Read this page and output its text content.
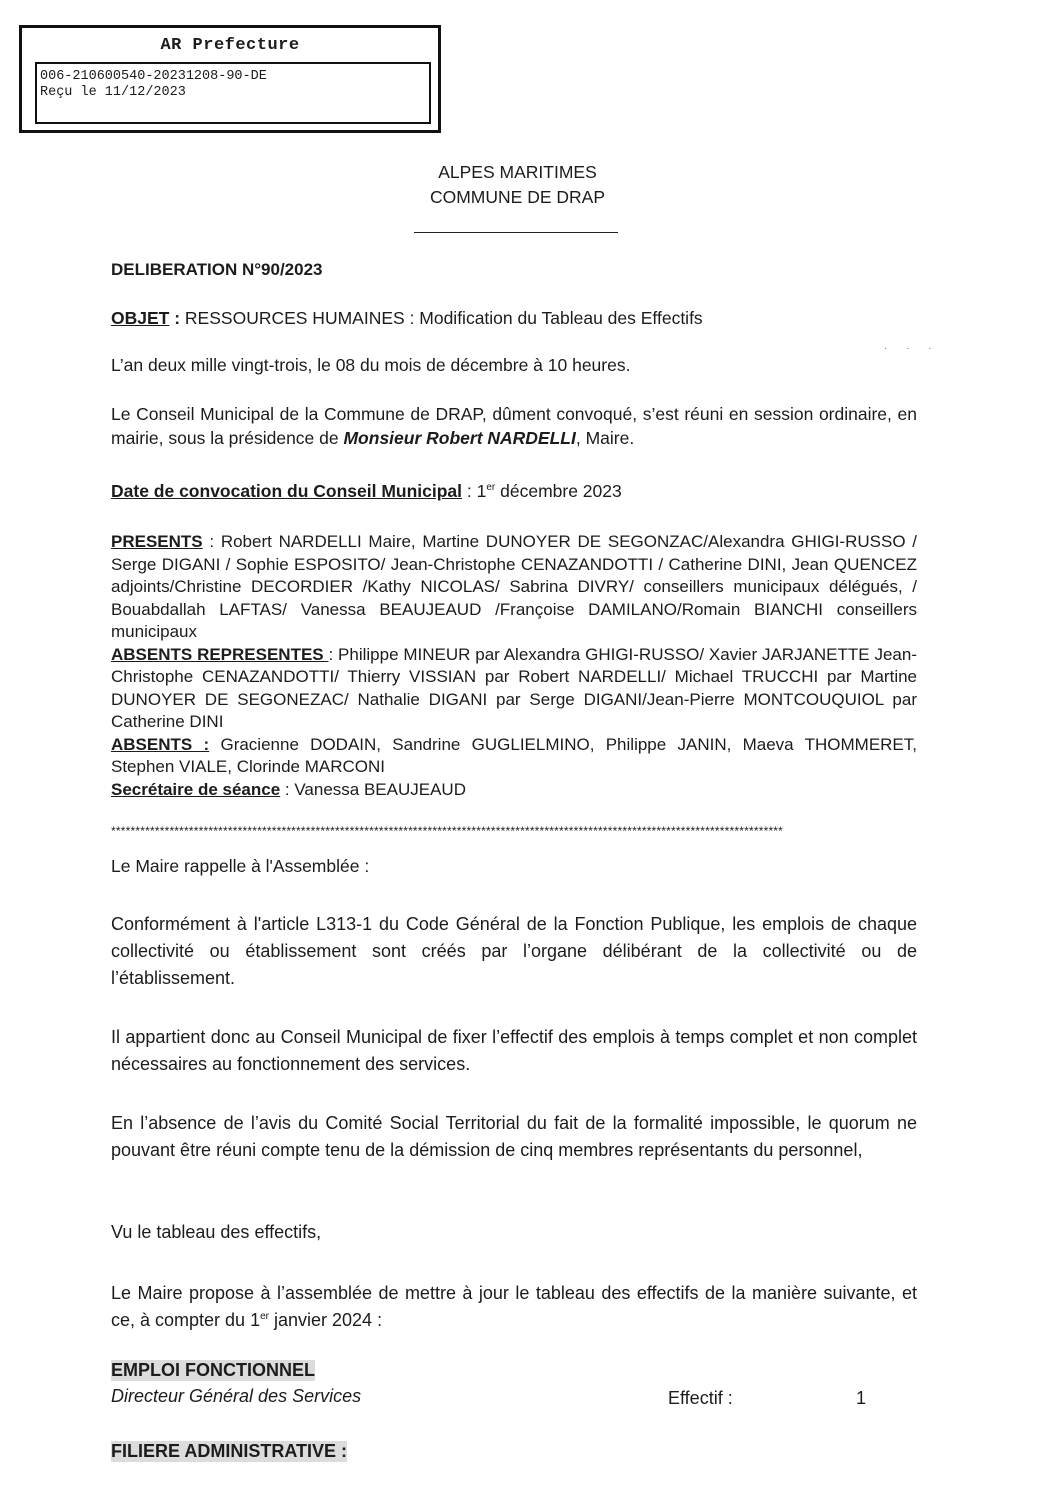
AR Prefecture
006-210600540-20231208-90-DE
Reçu le 11/12/2023
ALPES MARITIMES
COMMUNE DE DRAP
· · ·
DELIBERATION N°90/2023
OBJET : RESSOURCES HUMAINES : Modification du Tableau des Effectifs
L’an deux mille vingt-trois, le 08 du mois de décembre à 10 heures.
Le Conseil Municipal de la Commune de DRAP, dûment convoqué, s’est réuni en session ordinaire, en mairie, sous la présidence de Monsieur Robert NARDELLI, Maire.
Date de convocation du Conseil Municipal : 1er décembre 2023
PRESENTS : Robert NARDELLI Maire, Martine DUNOYER DE SEGONZAC/Alexandra GHIGI-RUSSO / Serge DIGANI / Sophie ESPOSITO/ Jean-Christophe CENAZANDOTTI / Catherine DINI, Jean QUENCEZ adjoints/Christine DECORDIER /Kathy NICOLAS/ Sabrina DIVRY/ conseillers municipaux délégués, / Bouabdallah LAFTAS/ Vanessa BEAUJEAUD /Françoise DAMILANO/Romain BIANCHI conseillers municipaux
ABSENTS REPRESENTES : Philippe MINEUR par Alexandra GHIGI-RUSSO/ Xavier JARJANETTE Jean-Christophe CENAZANDOTTI/ Thierry VISSIAN par Robert NARDELLI/ Michael TRUCCHI par Martine DUNOYER DE SEGONEZAC/ Nathalie DIGANI par Serge DIGANI/Jean-Pierre MONTCOUQUIOL par Catherine DINI
ABSENTS : Gracienne DODAIN, Sandrine GUGLIELMINO, Philippe JANIN, Maeva THOMMERET, Stephen VIALE, Clorinde MARCONI
Secrétaire de séance : Vanessa BEAUJEAUD
******************************************************************************************************************************************
Le Maire rappelle à l'Assemblée :
Conformément à l'article L313-1 du Code Général de la Fonction Publique, les emplois de chaque collectivité ou établissement sont créés par l’organe délibérant de la collectivité ou de l’établissement.
Il appartient donc au Conseil Municipal de fixer l’effectif des emplois à temps complet et non complet nécessaires au fonctionnement des services.
En l’absence de l’avis du Comité Social Territorial du fait de la formalité impossible, le quorum ne pouvant être réuni compte tenu de la démission de cinq membres représentants du personnel,
Vu le tableau des effectifs,
Le Maire propose à l’assemblée de mettre à jour le tableau des effectifs de la manière suivante, et ce, à compter du 1er janvier 2024 :
EMPLOI FONCTIONNEL
Directeur Général des Services	Effectif :	1
FILIERE ADMINISTRATIVE :
